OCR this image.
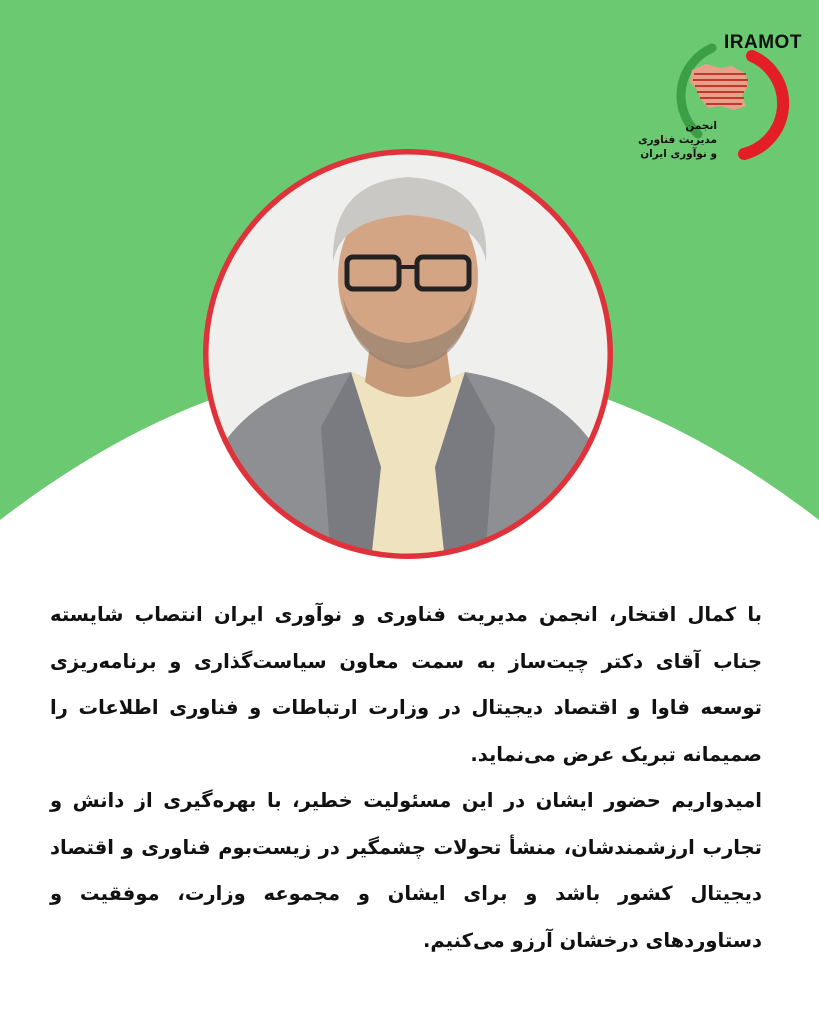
IRAMOT
انجمن
مدیریت فناوری
و نوآوری ایران

با کمال افتخار، انجمن مدیریت فناوری و نوآوری ایران انتصاب شایسته جناب آقای دکتر چیت‌ساز به سمت معاون سیاست‌گذاری و برنامه‌ریزی توسعه فاوا و اقتصاد دیجیتال در وزارت ارتباطات و فناوری اطلاعات را صمیمانه تبریک عرض می‌نماید.

امیدواریم حضور ایشان در این مسئولیت خطیر، با بهره‌گیری از دانش و تجارب ارزشمندشان، منشأ تحولات چشمگیر در زیست‌بوم فناوری و اقتصاد دیجیتال کشور باشد و برای ایشان و مجموعه وزارت، موفقیت و دستاوردهای درخشان آرزو می‌کنیم.
